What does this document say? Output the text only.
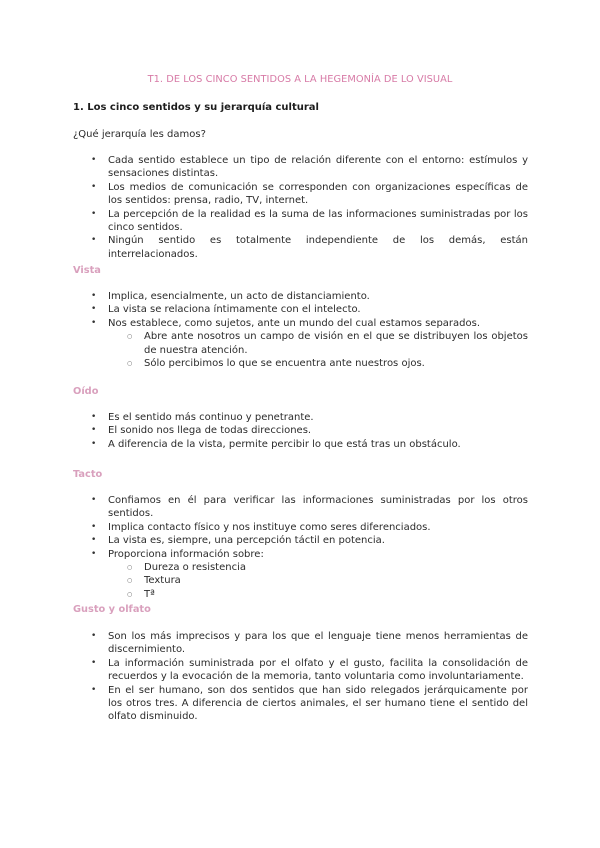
T1. DE LOS CINCO SENTIDOS A LA HEGEMONÍA DE LO VISUAL
1. Los cinco sentidos y su jerarquía cultural
¿Qué jerarquía les damos?
• Cada sentido establece un tipo de relación diferente con el entorno: estímulos y sensaciones distintas.
• Los medios de comunicación se corresponden con organizaciones específicas de los sentidos: prensa, radio, TV, internet.
• La percepción de la realidad es la suma de las informaciones suministradas por los cinco sentidos.
• Ningún sentido es totalmente independiente de los demás, están interrelacionados.
Vista
• Implica, esencialmente, un acto de distanciamiento.
• La vista se relaciona íntimamente con el intelecto.
• Nos establece, como sujetos, ante un mundo del cual estamos separados.
○ Abre ante nosotros un campo de visión en el que se distribuyen los objetos de nuestra atención.
○ Sólo percibimos lo que se encuentra ante nuestros ojos.
Oído
• Es el sentido más continuo y penetrante.
• El sonido nos llega de todas direcciones.
• A diferencia de la vista, permite percibir lo que está tras un obstáculo.
Tacto
• Confiamos en él para verificar las informaciones suministradas por los otros sentidos.
• Implica contacto físico y nos instituye como seres diferenciados.
• La vista es, siempre, una percepción táctil en potencia.
• Proporciona información sobre:
○ Dureza o resistencia
○ Textura
○ Tª
Gusto y olfato
• Son los más imprecisos y para los que el lenguaje tiene menos herramientas de discernimiento.
• La información suministrada por el olfato y el gusto, facilita la consolidación de recuerdos y la evocación de la memoria, tanto voluntaria como involuntariamente.
• En el ser humano, son dos sentidos que han sido relegados jerárquicamente por los otros tres. A diferencia de ciertos animales, el ser humano tiene el sentido del olfato disminuido.
